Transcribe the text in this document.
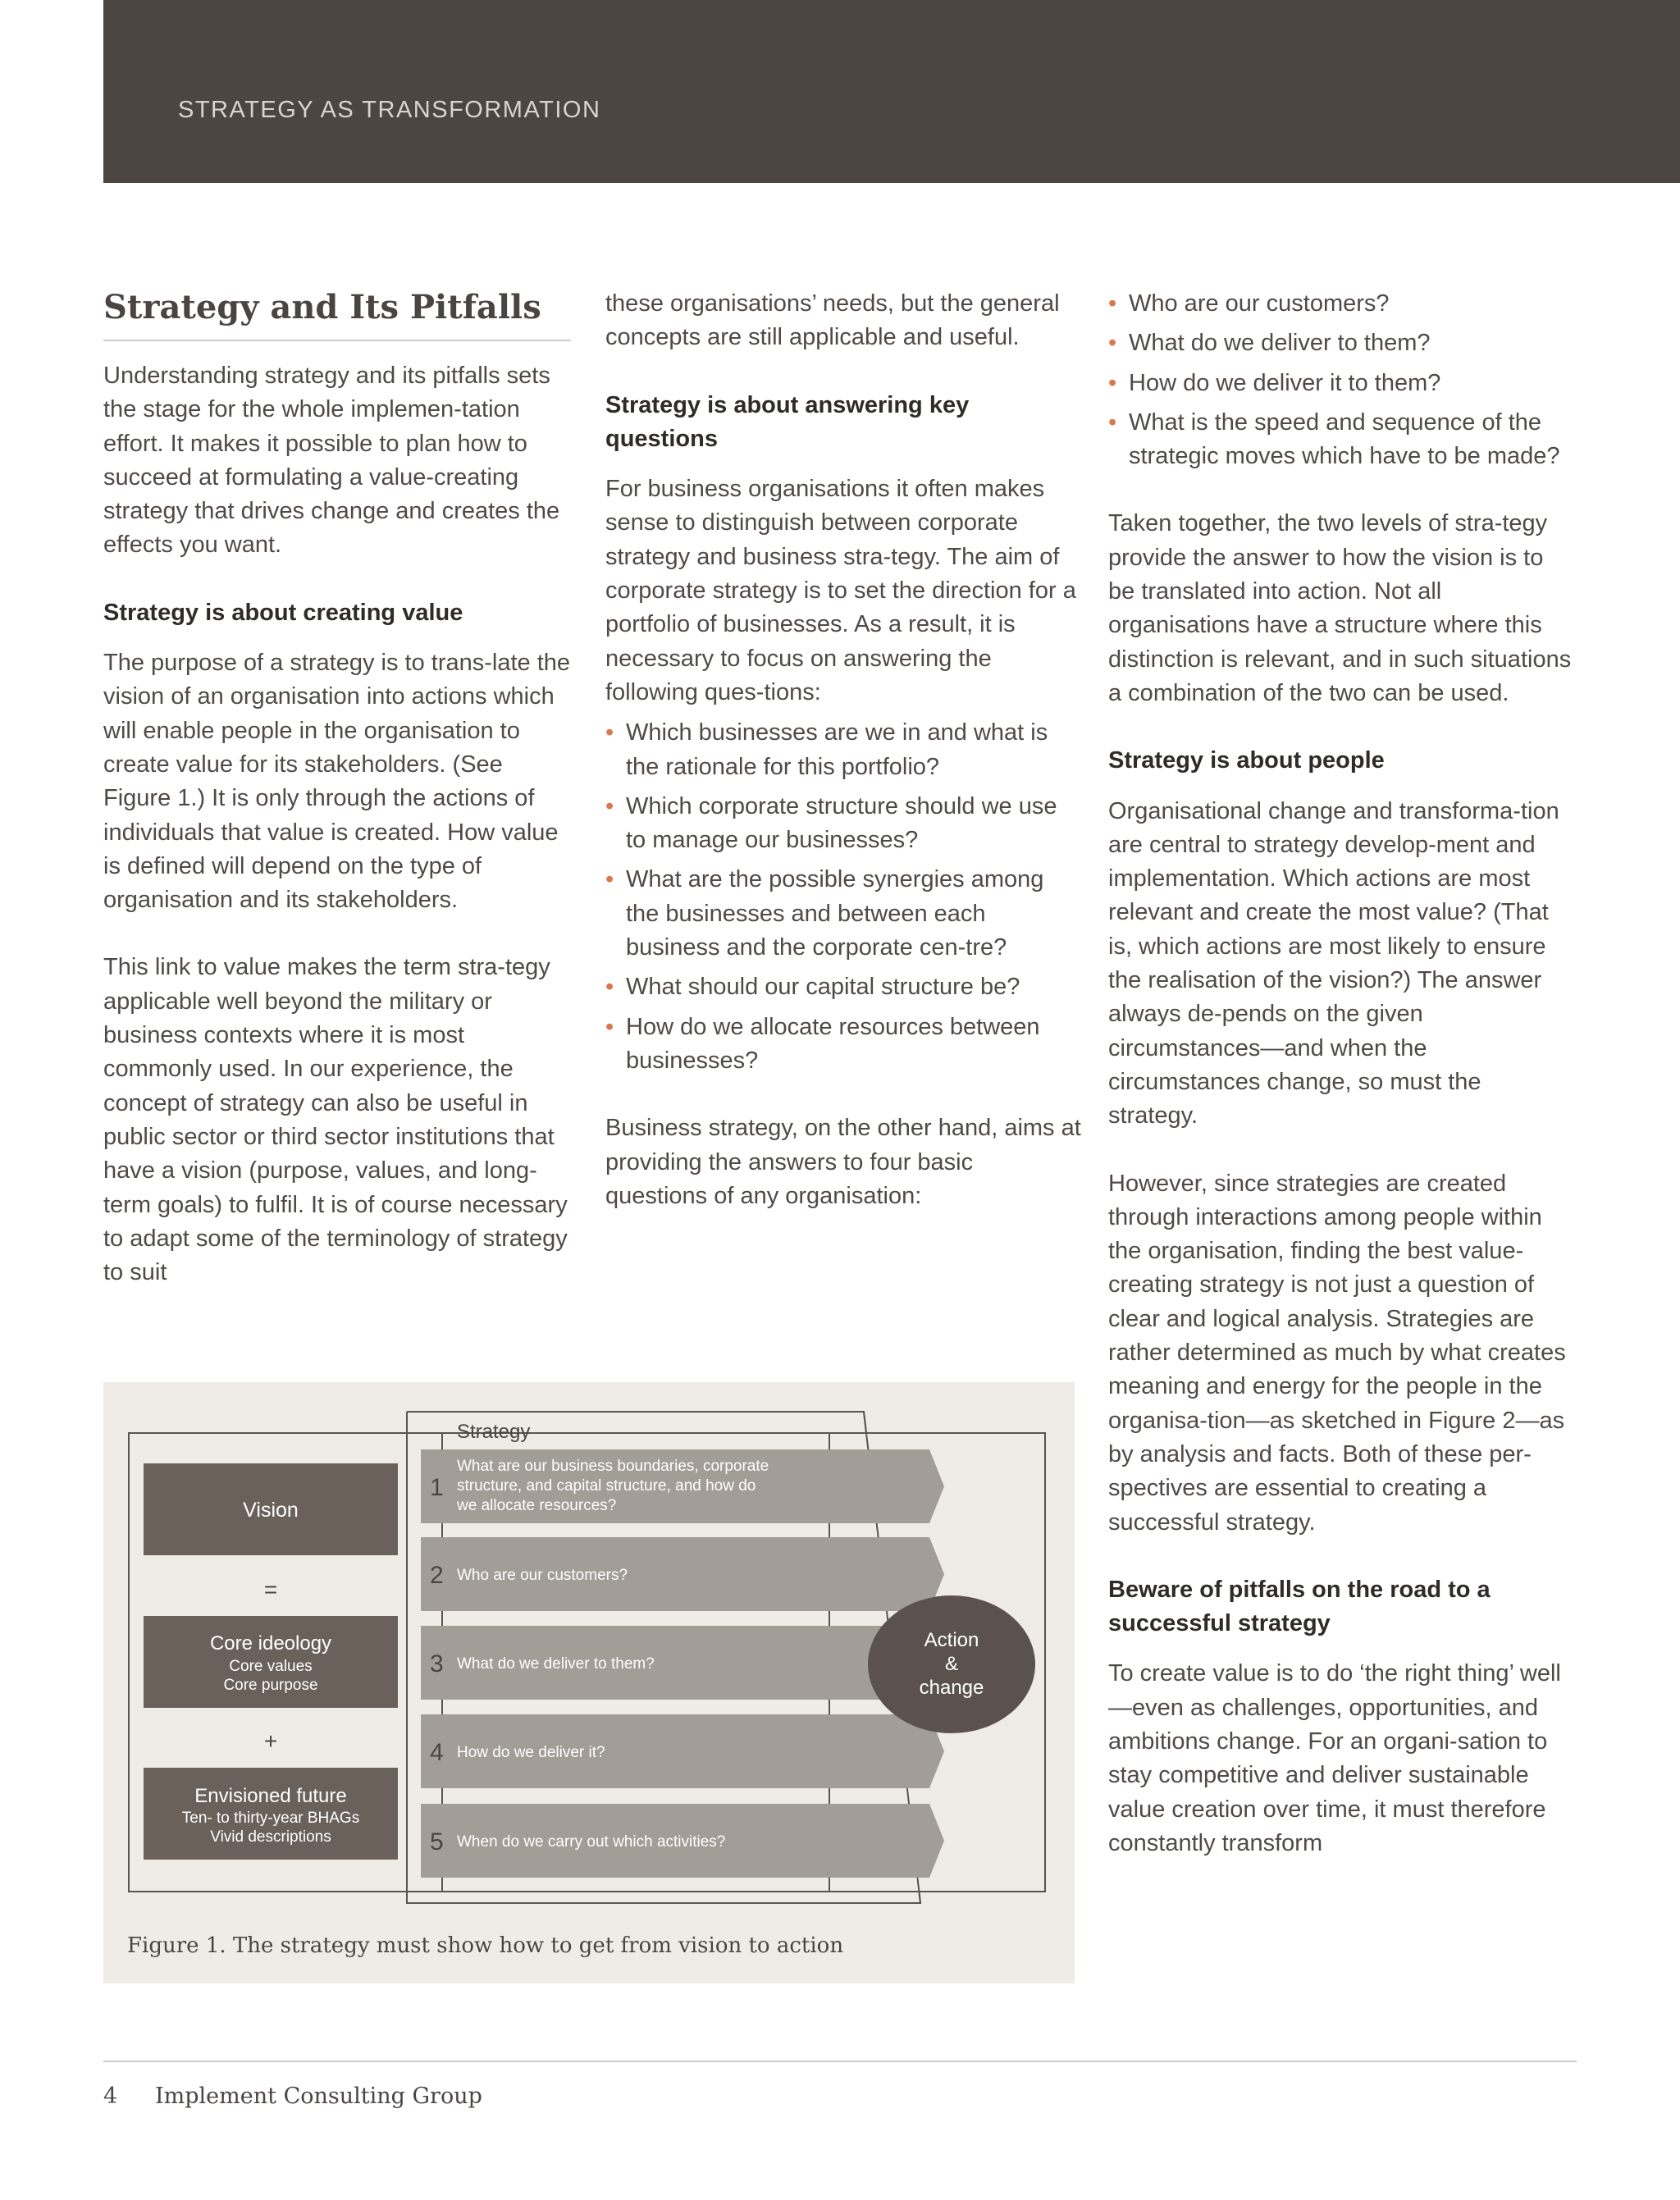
STRATEGY AS TRANSFORMATION
Strategy and Its Pitfalls

Understanding strategy and its pitfalls sets the stage for the whole implemen-tation effort. It makes it possible to plan how to succeed at formulating a value-creating strategy that drives change and creates the effects you want.

Strategy is about creating value

The purpose of a strategy is to trans-late the vision of an organisation into actions which will enable people in the organisation to create value for its stakeholders. (See Figure 1.) It is only through the actions of individuals that value is created. How value is defined will depend on the type of organisation and its stakeholders.

This link to value makes the term stra-tegy applicable well beyond the military or business contexts where it is most commonly used. In our experience, the concept of strategy can also be useful in public sector or third sector institutions that have a vision (purpose, values, and long-term goals) to fulfil. It is of course necessary to adapt some of the terminology of strategy to suit

these organisations’ needs, but the general concepts are still applicable and useful.

Strategy is about answering key questions

For business organisations it often makes sense to distinguish between corporate strategy and business stra-tegy. The aim of corporate strategy is to set the direction for a portfolio of businesses. As a result, it is necessary to focus on answering the following ques-tions:

• Which businesses are we in and what is the rationale for this portfolio?
• Which corporate structure should we use to manage our businesses?
• What are the possible synergies among the businesses and between each business and the corporate cen-tre?
• What should our capital structure be?
• How do we allocate resources between businesses?

Business strategy, on the other hand, aims at providing the answers to four basic questions of any organisation:

• Who are our customers?
• What do we deliver to them?
• How do we deliver it to them?
• What is the speed and sequence of the strategic moves which have to be made?

Taken together, the two levels of stra-tegy provide the answer to how the vision is to be translated into action. Not all organisations have a structure where this distinction is relevant, and in such situations a combination of the two can be used.

Strategy is about people

Organisational change and transforma-tion are central to strategy develop-ment and implementation. Which actions are most relevant and create the most value? (That is, which actions are most likely to ensure the realisation of the vision?) The answer always de-pends on the given circumstances—and when the circumstances change, so must the strategy.

However, since strategies are created through interactions among people within the organisation, finding the best value-creating strategy is not just a question of clear and logical analysis. Strategies are rather determined as much by what creates meaning and energy for the people in the organisa-tion—as sketched in Figure 2—as by analysis and facts. Both of these per-spectives are essential to creating a successful strategy.

Beware of pitfalls on the road to a successful strategy

To create value is to do ‘the right thing’ well—even as challenges, opportunities, and ambitions change. For an organi-sation to stay competitive and deliver sustainable value creation over time, it must therefore constantly transform

Vision
=
Core ideology
Core values
Core purpose
+
Envisioned future
Ten- to thirty-year BHAGs
Vivid descriptions
Strategy
1
What are our business boundaries, corporate
structure, and capital structure, and how do
we allocate resources?
2 Who are our customers?
3 What do we deliver to them?
4 How do we deliver it?
5 When do we carry out which activities?
Action
&
change
Figure 1. The strategy must show how to get from vision to action
4 Implement Consulting Group
